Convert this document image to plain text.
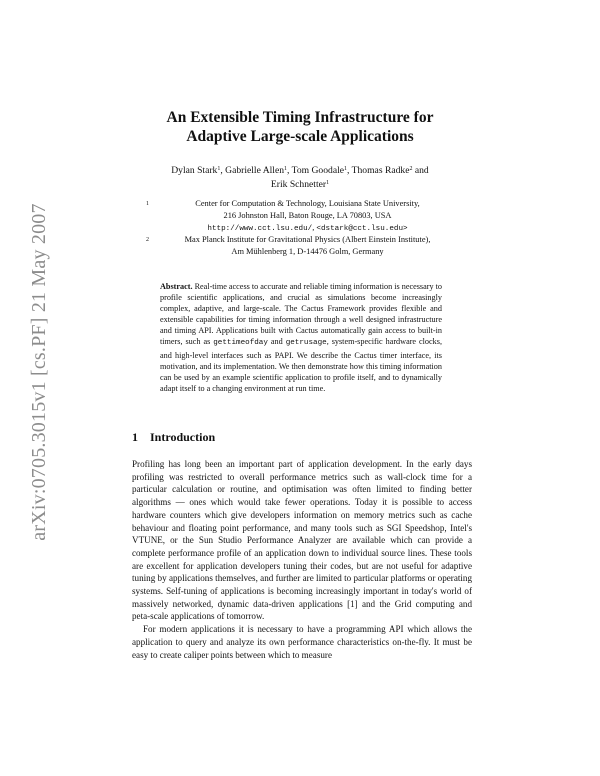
arXiv:0705.3015v1 [cs.PF] 21 May 2007
An Extensible Timing Infrastructure for
Adaptive Large-scale Applications
Dylan Stark$^1$, Gabrielle Allen$^1$, Tom Goodale$^1$, Thomas Radke$^2$ and
Erik Schnetter$^1$
1	Center for Computation & Technology, Louisiana State University,
216 Johnston Hall, Baton Rouge, LA 70803, USA
http://www.cct.lsu.edu/, <dstark@cct.lsu.edu>
2	Max Planck Institute for Gravitational Physics (Albert Einstein Institute),
Am Mühlenberg 1, D-14476 Golm, Germany
Abstract. Real-time access to accurate and reliable timing information is necessary to profile scientific applications, and crucial as simulations become increasingly complex, adaptive, and large-scale. The Cactus Framework provides flexible and extensible capabilities for timing information through a well designed infrastructure and timing API. Applications built with Cactus automatically gain access to built-in timers, such as gettimeofday and getrusage, system-specific hardware clocks, and high-level interfaces such as PAPI. We describe the Cactus timer interface, its motivation, and its implementation. We then demonstrate how this timing information can be used by an example scientific application to profile itself, and to dynamically adapt itself to a changing environment at run time.
1 Introduction

Profiling has long been an important part of application development. In the early days profiling was restricted to overall performance metrics such as wall-clock time for a particular calculation or routine, and optimisation was often limited to finding better algorithms — ones which would take fewer operations. Today it is possible to access hardware counters which give developers information on memory metrics such as cache behaviour and floating point performance, and many tools such as SGI Speedshop, Intel's VTUNE, or the Sun Studio Performance Analyzer are available which can provide a complete performance profile of an application down to individual source lines. These tools are excellent for application developers tuning their codes, but are not useful for adaptive tuning by applications themselves, and further are limited to particular platforms or operating systems. Self-tuning of applications is becoming increasingly important in today's world of massively networked, dynamic data-driven applications [1] and the Grid computing and peta-scale applications of tomorrow.

For modern applications it is necessary to have a programming API which allows the application to query and analyze its own performance characteristics on-the-fly. It must be easy to create caliper points between which to measure
